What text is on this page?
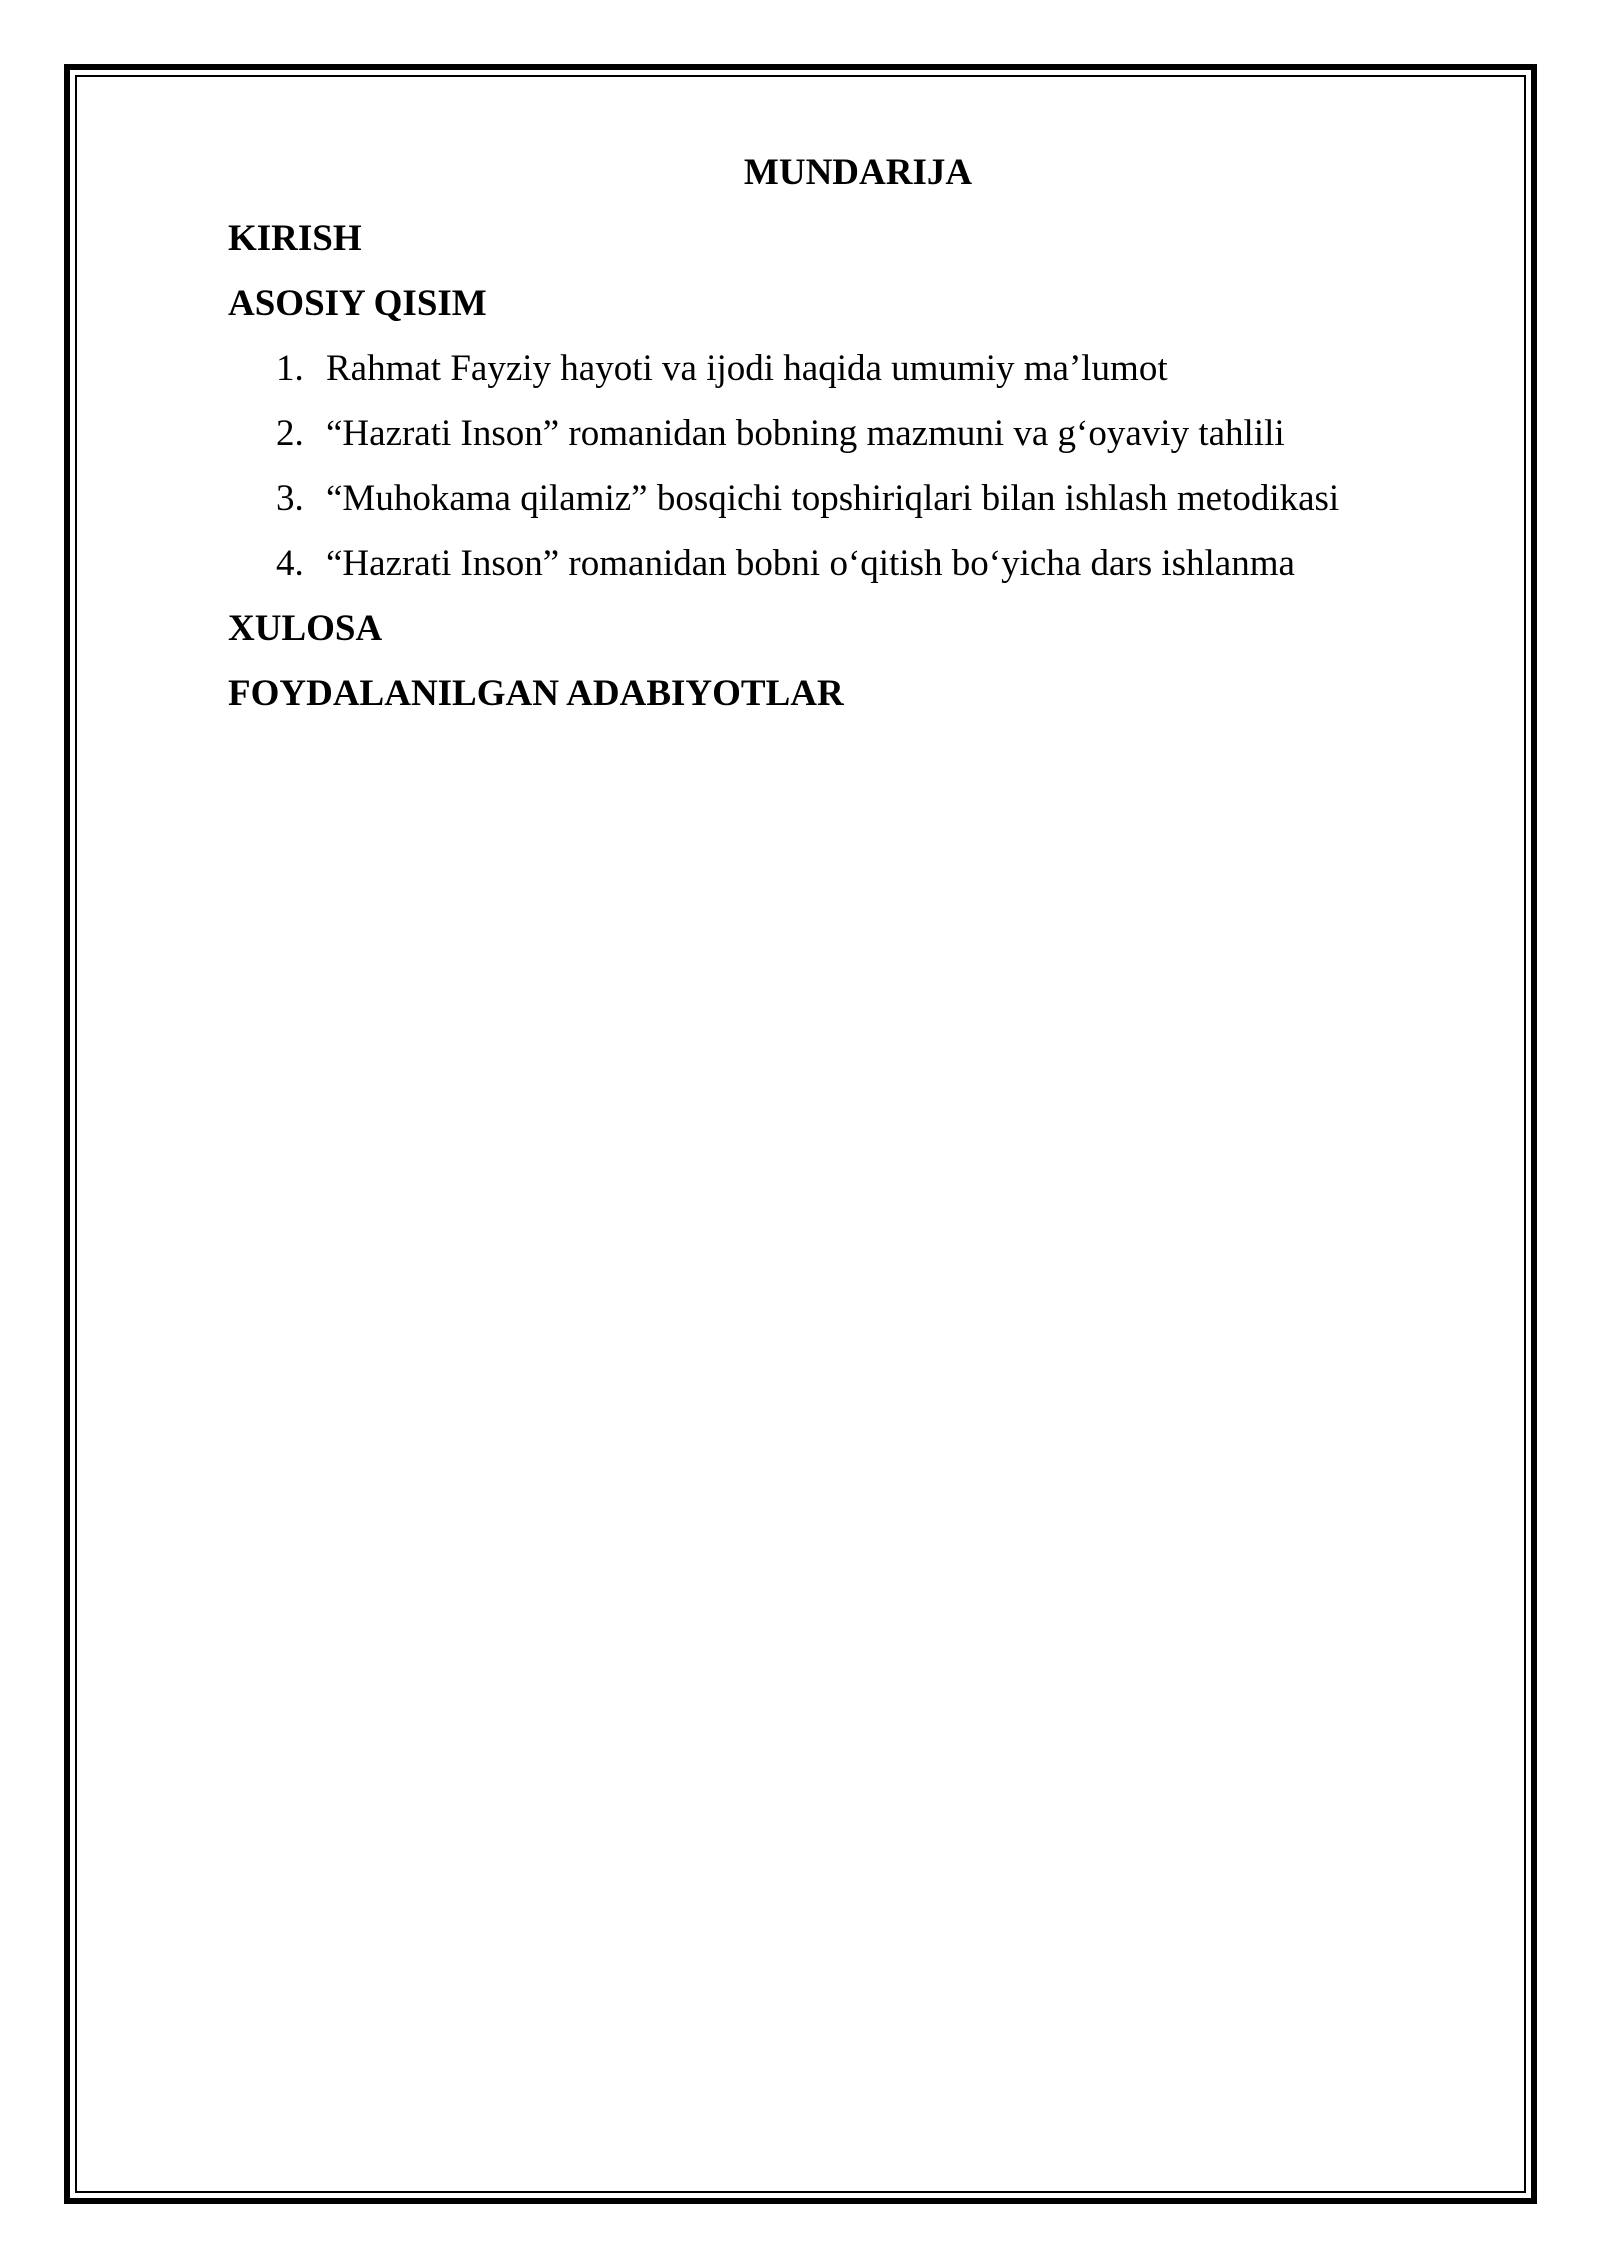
MUNDARIJA
KIRISH
ASOSIY QISIM
1. Rahmat Fayziy hayoti va ijodi haqida umumiy ma’lumot
2. “Hazrati Inson” romanidan bobning mazmuni va g‘oyaviy tahlili
3. “Muhokama qilamiz” bosqichi topshiriqlari bilan ishlash metodikasi
4. “Hazrati Inson” romanidan bobni o‘qitish bo‘yicha dars ishlanma
XULOSA
FOYDALANILGAN ADABIYOTLAR
